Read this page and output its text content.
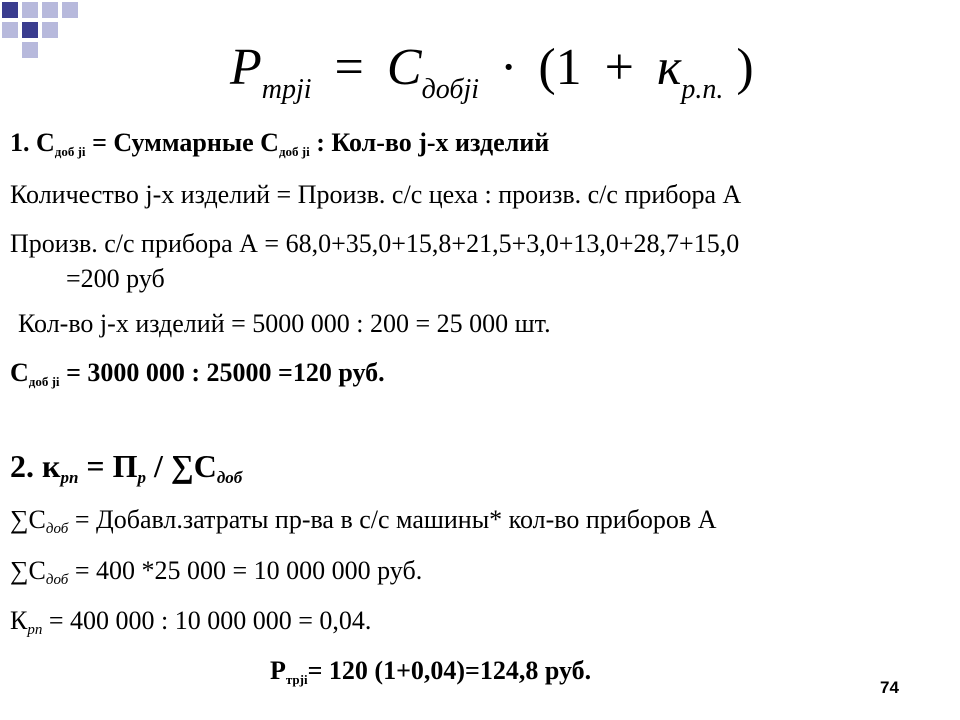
$P_{трji} = C_{добji} \cdot (1 + к_{р.п.}$ )
1. Cдоб ji = Суммарные Cдоб ji : Кол-во j-х изделий
Количество j-х изделий = Произв. с/с цеха : произв. с/с прибора А
Произв. с/с прибора А = 68,0+35,0+15,8+21,5+3,0+13,0+28,7+15,0
=200 руб
Кол-во j-х изделий = 5000 000 : 200 = 25 000 шт.
Cдоб ji = 3000 000 : 25000 =120 руб.
2. крп = Пр / ∑Cдоб
∑Cдоб = Добавл.затраты пр-ва в с/с машины* кол-во приборов А
∑Cдоб = 400 *25 000 = 10 000 000 руб.
Крп = 400 000 : 10 000 000 = 0,04.
Pтрji= 120 (1+0,04)=124,8 руб.
74
